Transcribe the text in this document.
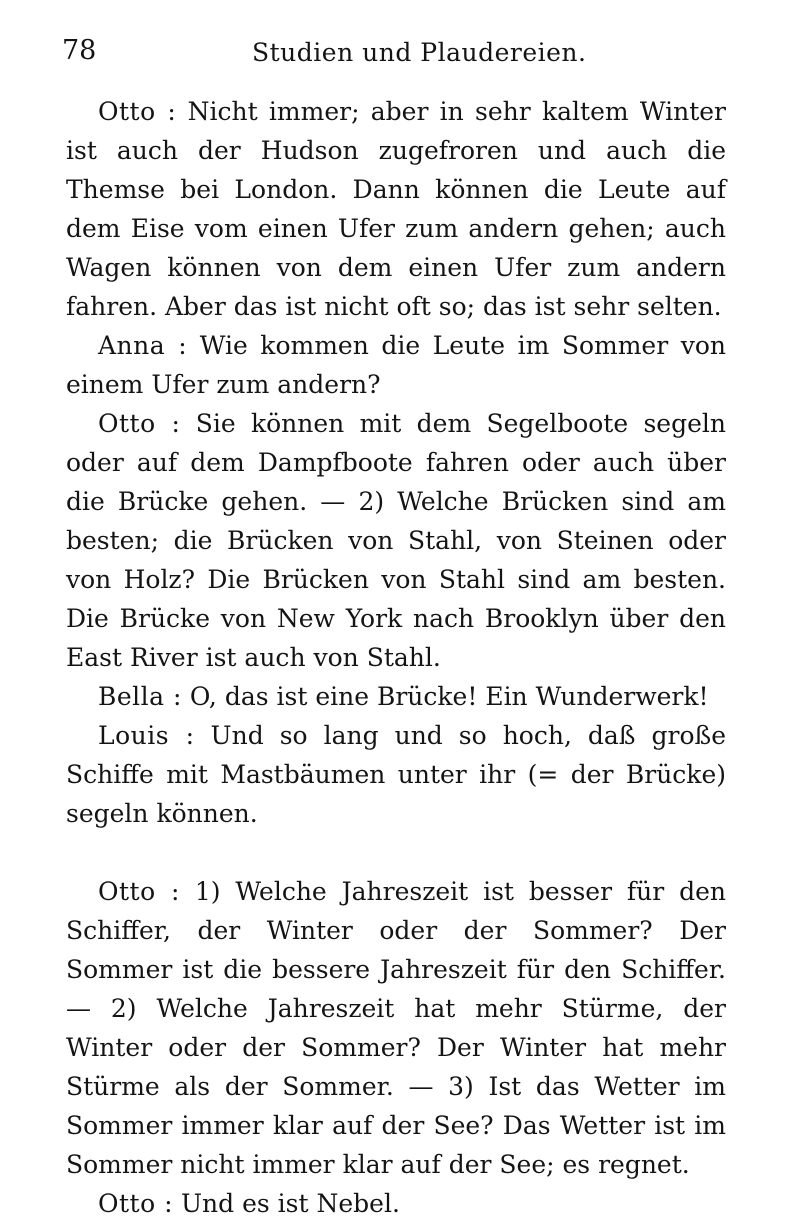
78	Studien und Plaudereien.

Otto : Nicht immer; aber in sehr kaltem Winter ist auch der Hudson zugefroren und auch die Themse bei London. Dann können die Leute auf dem Eise vom einen Ufer zum andern gehen; auch Wagen können von dem einen Ufer zum andern fahren. Aber das ist nicht oft so; das ist sehr selten.

Anna : Wie kommen die Leute im Sommer von einem Ufer zum andern?

Otto : Sie können mit dem Segelboote segeln oder auf dem Dampfboote fahren oder auch über die Brücke gehen. — 2) Welche Brücken sind am besten; die Brücken von Stahl, von Steinen oder von Holz? Die Brücken von Stahl sind am besten. Die Brücke von New York nach Brooklyn über den East River ist auch von Stahl.

Bella : O, das ist eine Brücke! Ein Wunderwerk!

Louis : Und so lang und so hoch, daß große Schiffe mit Mastbäumen unter ihr (= der Brücke) segeln können.

Otto : 1) Welche Jahreszeit ist besser für den Schiffer, der Winter oder der Sommer? Der Sommer ist die bessere Jahreszeit für den Schiffer. — 2) Welche Jahreszeit hat mehr Stürme, der Winter oder der Sommer? Der Winter hat mehr Stürme als der Sommer. — 3) Ist das Wetter im Sommer immer klar auf der See? Das Wetter ist im Sommer nicht immer klar auf der See; es regnet.

Otto : Und es ist Nebel.
